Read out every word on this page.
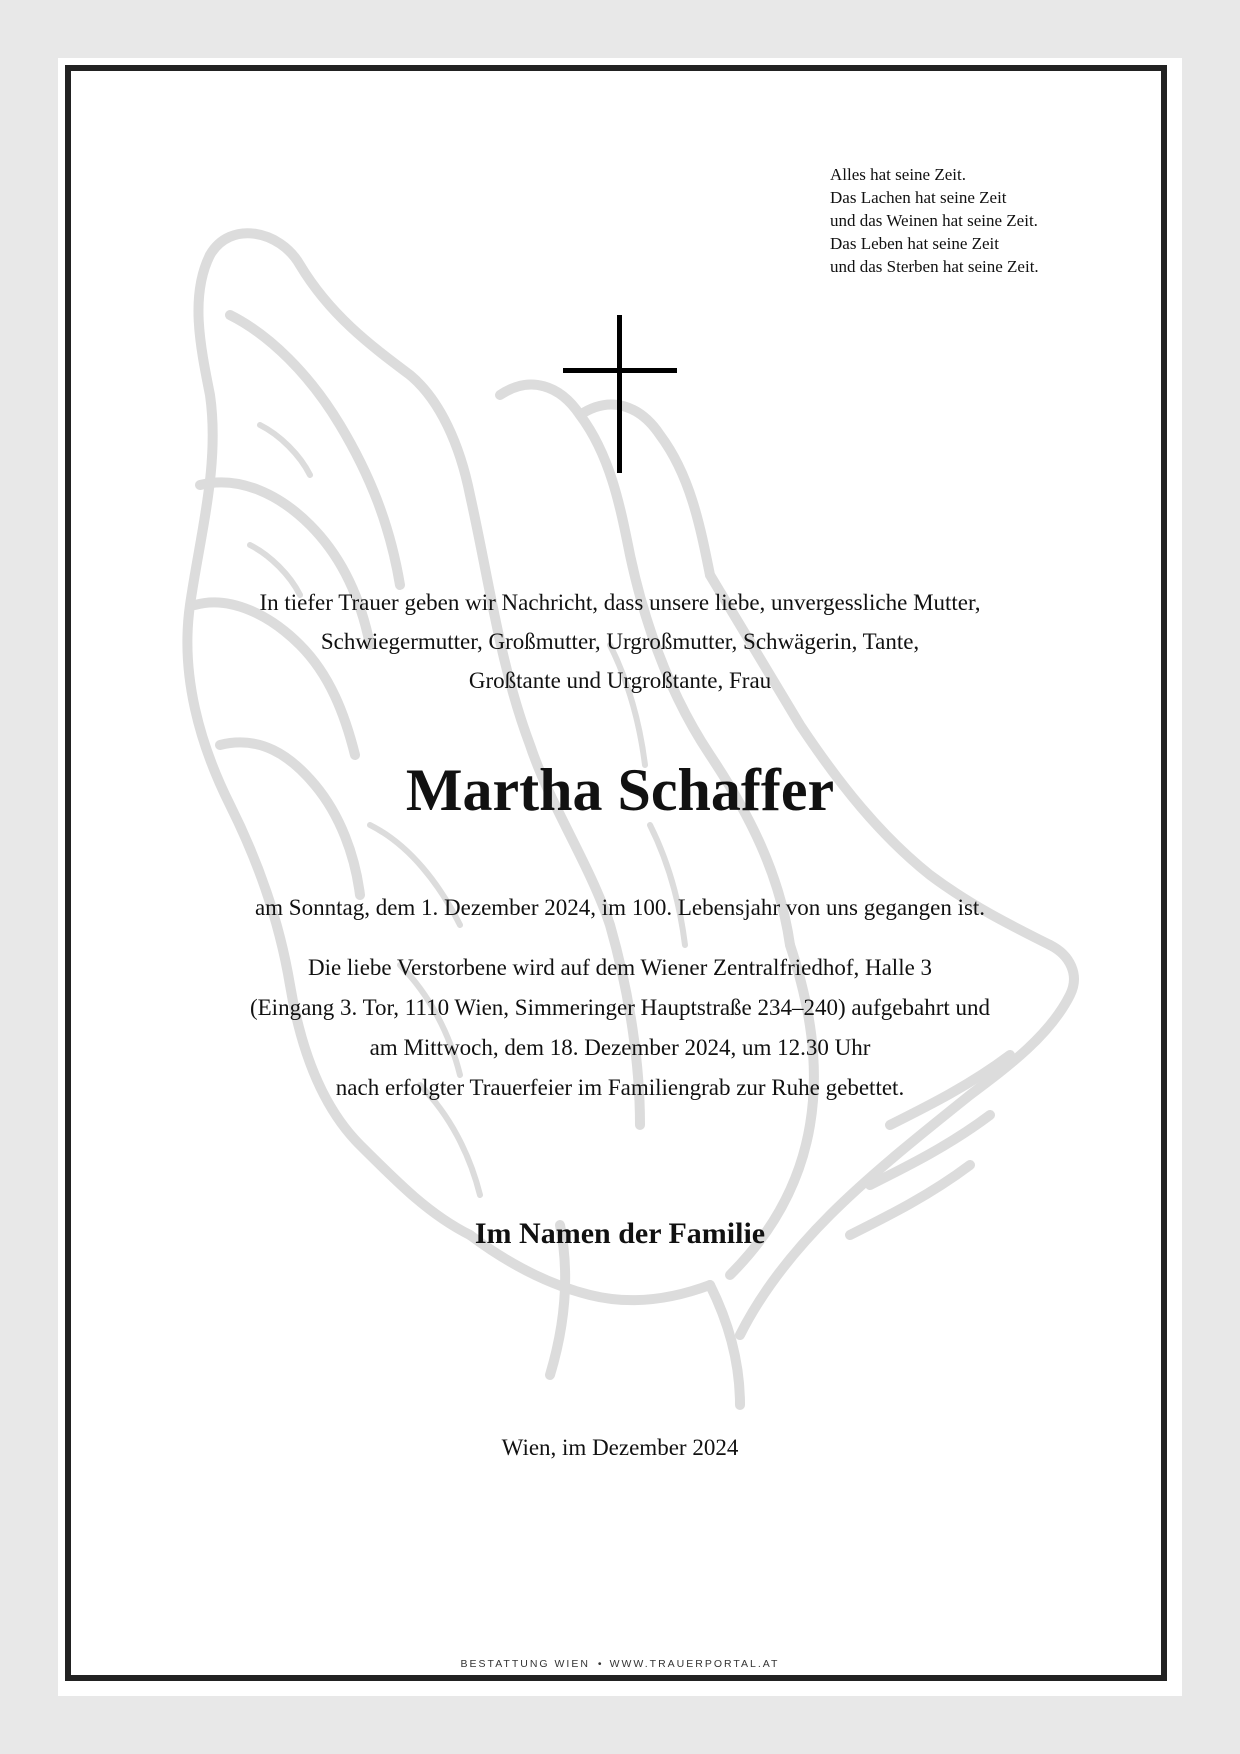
Alles hat seine Zeit.
Das Lachen hat seine Zeit
und das Weinen hat seine Zeit.
Das Leben hat seine Zeit
und das Sterben hat seine Zeit.
In tiefer Trauer geben wir Nachricht, dass unsere liebe, unvergessliche Mutter,
Schwiegermutter, Großmutter, Urgroßmutter, Schwägerin, Tante,
Großtante und Urgroßtante, Frau
Martha Schaffer
am Sonntag, dem 1. Dezember 2024, im 100. Lebensjahr von uns gegangen ist.
Die liebe Verstorbene wird auf dem Wiener Zentralfriedhof, Halle 3
(Eingang 3. Tor, 1110 Wien, Simmeringer Hauptstraße 234–240) aufgebahrt und
am Mittwoch, dem 18. Dezember 2024, um 12.30 Uhr
nach erfolgter Trauerfeier im Familiengrab zur Ruhe gebettet.
Im Namen der Familie
Wien, im Dezember 2024
BESTATTUNG WIEN • WWW.TRAUERPORTAL.AT
